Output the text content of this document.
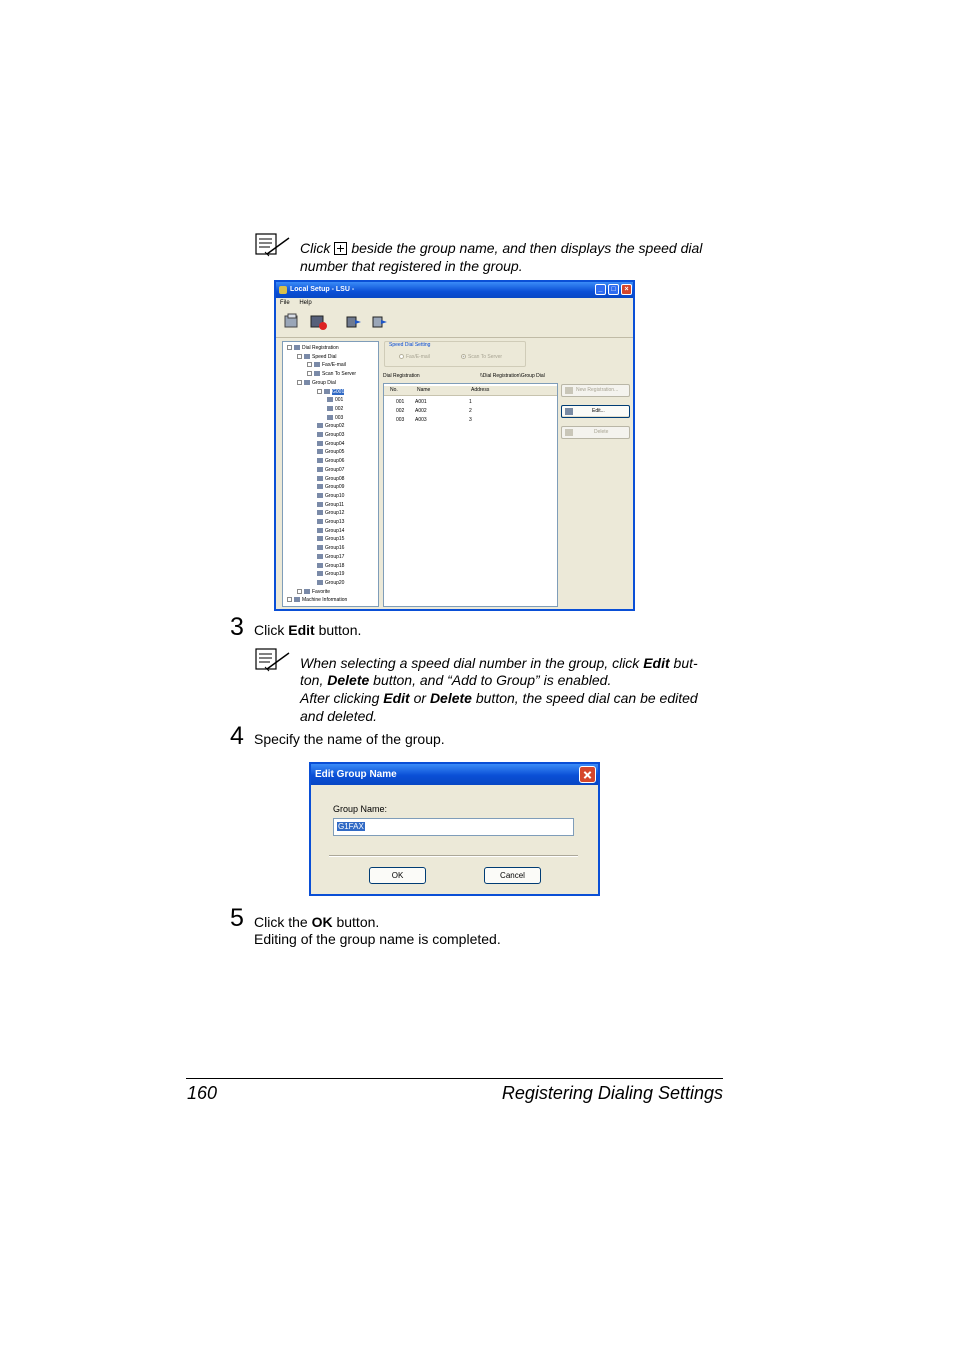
Click beside the group name, and then displays the speed dial
number that registered in the group.
Local Setup - LSU -	_	□	×
File Help
Dial Registration
Speed Dial
Fax/E-mail
Scan To Server
Group Dial
G001
001
002
003
Group02
Group03
Group04
Group05
Group06
Group07
Group08
Group09
Group10
Group11
Group12
Group13
Group14
Group15
Group16
Group17
Group18
Group19
Group20
Favorite
Machine Information
Speed Dial Setting
Fax/E-mail	Scan To Server
Dial Registration	\\Dial Registration\Group Dial
No.	Name	Address
001 A001	1
002 A002	2
003 A003	3
New Registration...
Edit...
Delete
3 Click Edit button.
When selecting a speed dial number in the group, click Edit but-
ton, Delete button, and “Add to Group” is enabled.
After clicking Edit or Delete button, the speed dial can be edited
and deleted.
4 Specify the name of the group.
Edit Group Name
Group Name:
G1FAX
OK	Cancel
5 Click the OK button.
Editing of the group name is completed.
160	Registering Dialing Settings
